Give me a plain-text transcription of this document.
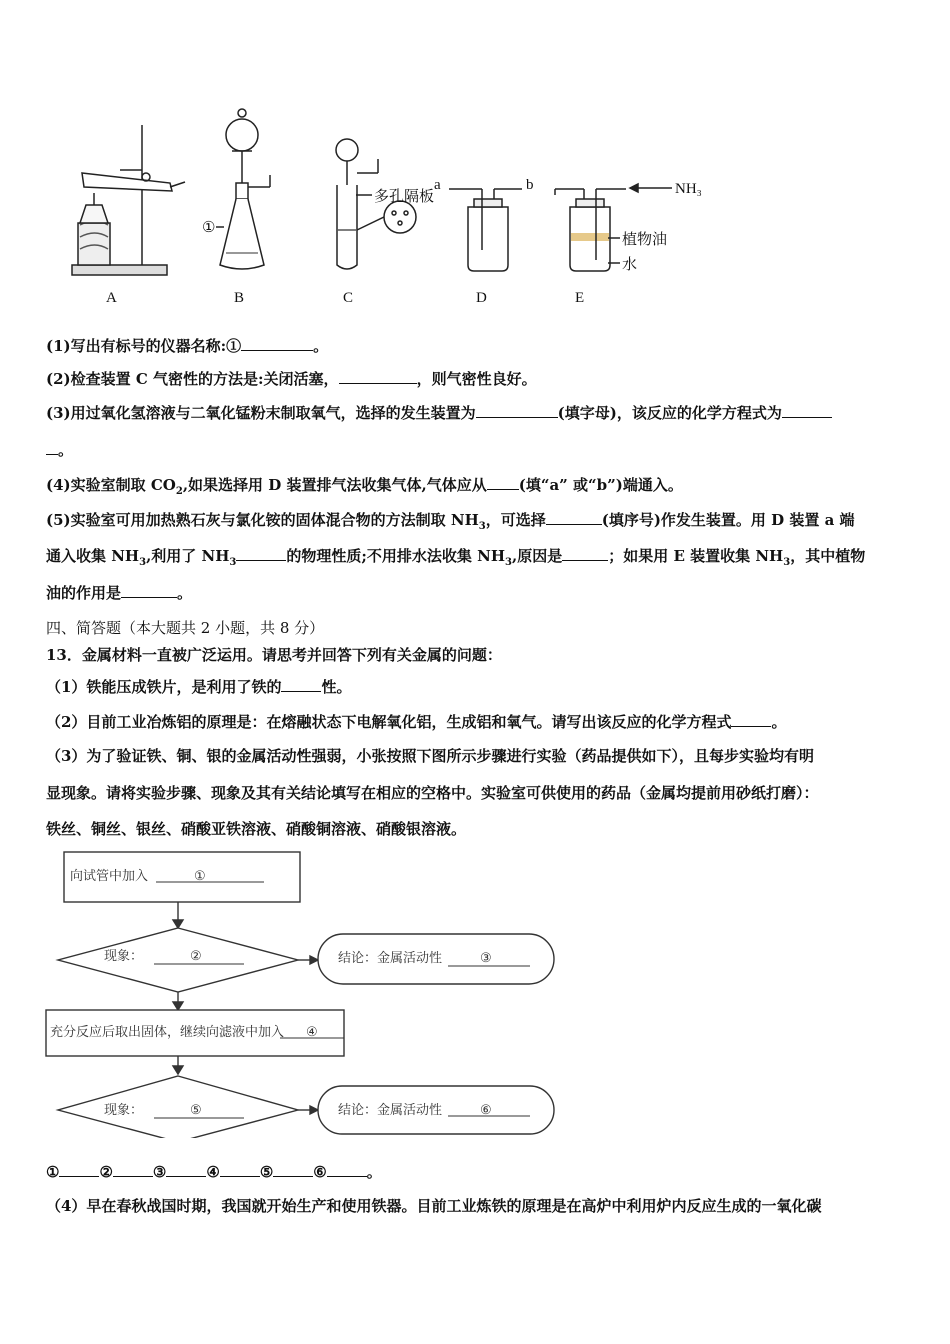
①
多孔隔板
a	b	NH₃
植物油
水
A	B	C	D	E
(1)写出有标号的仪器名称:①	。
(2)检查装置 C 气密性的方法是:关闭活塞，	，则气密性良好。
(3)用过氧化氢溶液与二氧化锰粉末制取氧气，选择的发生装置为	(填字母)，该反应的化学方程式为
。
(4)实验室制取 $CO_2$,如果选择用 D 装置排气法收集气体,气体应从 (填“a” 或“b”)端通入。
(5)实验室可用加热熟石灰与氯化铵的固体混合物的方法制取 $NH_3$，可选择	(填序号)作发生装置。用 D 装置 a 端
通入收集 $NH_3$,利用了 $NH_3$	的物理性质;不用排水法收集 $NH_3$,原因是	；如果用 E 装置收集 $NH_3$，其中植物
油的作用是	。
四、简答题（本大题共 2 小题，共 8 分）
13．金属材料一直被广泛运用。请思考并回答下列有关金属的问题：
（1）铁能压成铁片，是利用了铁的	性。
（2）目前工业冶炼铝的原理是：在熔融状态下电解氧化铝，生成铝和氧气。请写出该反应的化学方程式	。
（3）为了验证铁、铜、银的金属活动性强弱，小张按照下图所示步骤进行实验（药品提供如下），且每步实验均有明
显现象。请将实验步骤、现象及其有关结论填写在相应的空格中。实验室可供使用的药品（金属均提前用砂纸打磨）：
铁丝、铜丝、银丝、硝酸亚铁溶液、硝酸铜溶液、硝酸银溶液。
向试管中加入	①
现象：	②	结论：金属活动性	③
充分反应后取出固体，继续向滤液中加入 ④
现象：	⑤	结论：金属活动性	⑥
①	②	③	④	⑤	⑥	。
（4）早在春秋战国时期，我国就开始生产和使用铁器。目前工业炼铁的原理是在高炉中利用炉内反应生成的一氧化碳
